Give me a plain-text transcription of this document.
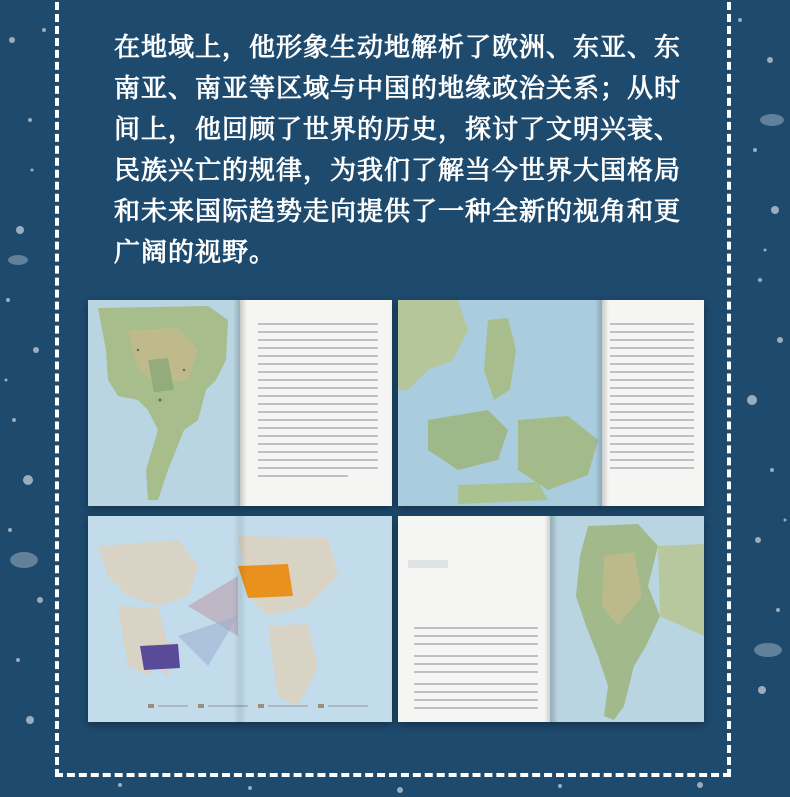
在地域上，他形象生动地解析了欧洲、东亚、东
南亚、南亚等区域与中国的地缘政治关系；从时
间上，他回顾了世界的历史，探讨了文明兴衰、
民族兴亡的规律，为我们了解当今世界大国格局
和未来国际趋势走向提供了一种全新的视角和更
广阔的视野。
